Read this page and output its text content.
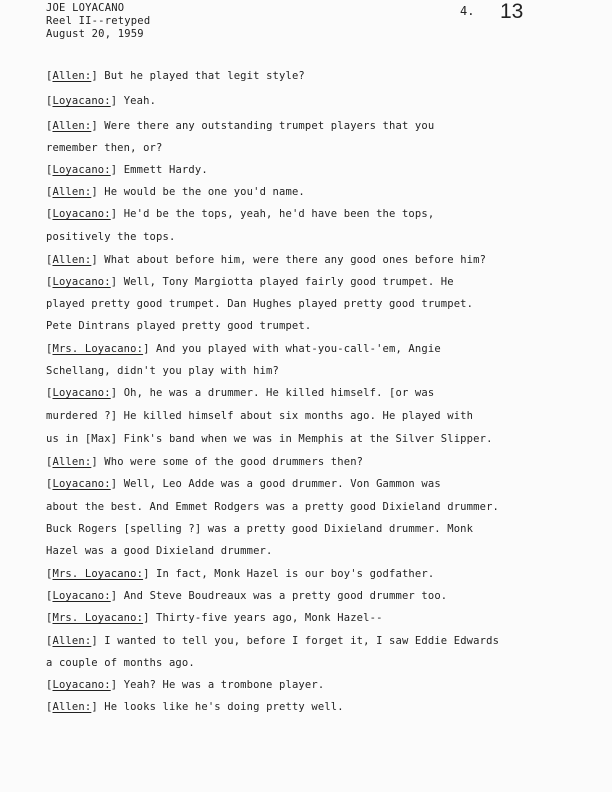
JOE LOYACANO
Reel II--retyped
August 20, 1959
4. 13
[Allen:] But he played that legit style?
[Loyacano:] Yeah.
[Allen:] Were there any outstanding trumpet players that you
remember then, or?
[Loyacano:] Emmett Hardy.
[Allen:] He would be the one you'd name.
[Loyacano:] He'd be the tops, yeah, he'd have been the tops,
positively the tops.
[Allen:] What about before him, were there any good ones before him?
[Loyacano:] Well, Tony Margiotta played fairly good trumpet. He
played pretty good trumpet. Dan Hughes played pretty good trumpet.
Pete Dintrans played pretty good trumpet.
[Mrs. Loyacano:] And you played with what-you-call-'em, Angie
Schellang, didn't you play with him?
[Loyacano:] Oh, he was a drummer. He killed himself. [or was
murdered ?] He killed himself about six months ago. He played with
us in [Max] Fink's band when we was in Memphis at the Silver Slipper.
[Allen:] Who were some of the good drummers then?
[Loyacano:] Well, Leo Adde was a good drummer. Von Gammon was
about the best. And Emmet Rodgers was a pretty good Dixieland drummer.
Buck Rogers [spelling ?] was a pretty good Dixieland drummer. Monk
Hazel was a good Dixieland drummer.
[Mrs. Loyacano:] In fact, Monk Hazel is our boy's godfather.
[Loyacano:] And Steve Boudreaux was a pretty good drummer too.
[Mrs. Loyacano:] Thirty-five years ago, Monk Hazel--
[Allen:] I wanted to tell you, before I forget it, I saw Eddie Edwards
a couple of months ago.
[Loyacano:] Yeah? He was a trombone player.
[Allen:] He looks like he's doing pretty well.
